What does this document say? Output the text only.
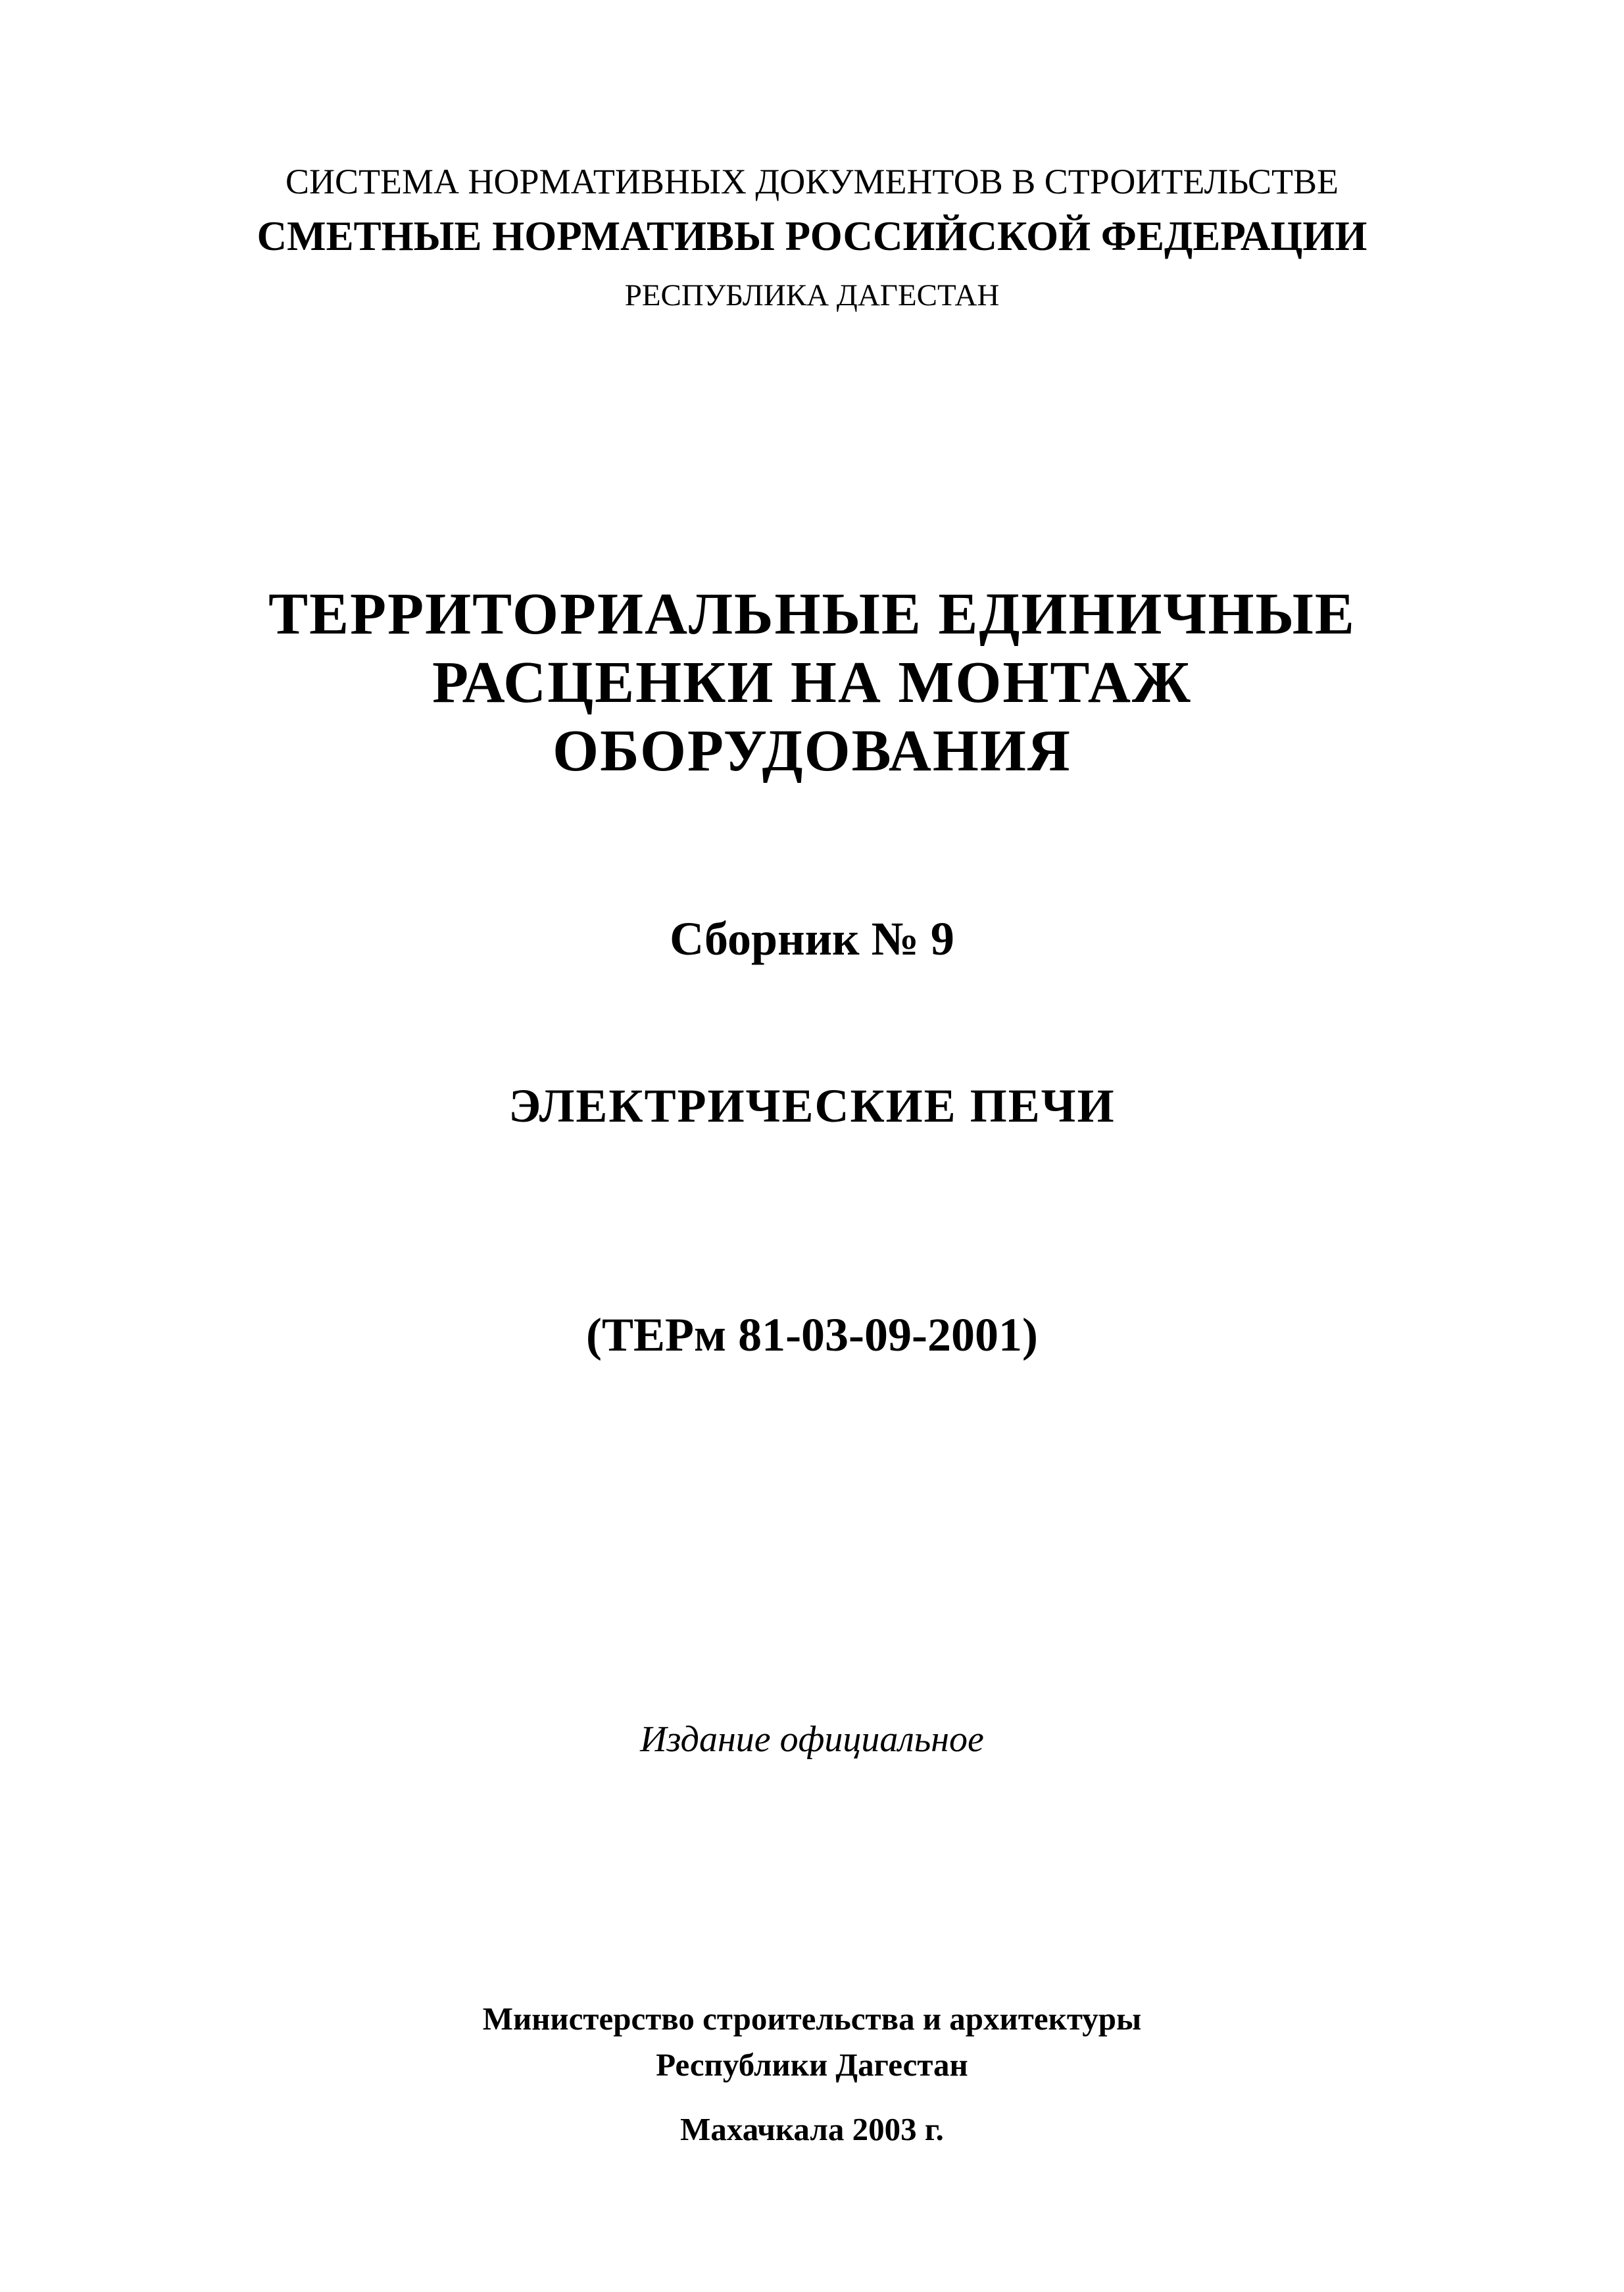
СИСТЕМА НОРМАТИВНЫХ ДОКУМЕНТОВ В СТРОИТЕЛЬСТВЕ

СМЕТНЫЕ НОРМАТИВЫ РОССИЙСКОЙ ФЕДЕРАЦИИ

РЕСПУБЛИКА ДАГЕСТАН

ТЕРРИТОРИАЛЬНЫЕ ЕДИНИЧНЫЕ
РАСЦЕНКИ НА МОНТАЖ
ОБОРУДОВАНИЯ

Сборник № 9

ЭЛЕКТРИЧЕСКИЕ ПЕЧИ

(ТЕРм 81-03-09-2001)

Издание официальное

Министерство строительства и архитектуры

Республики Дагестан

Махачкала 2003 г.
